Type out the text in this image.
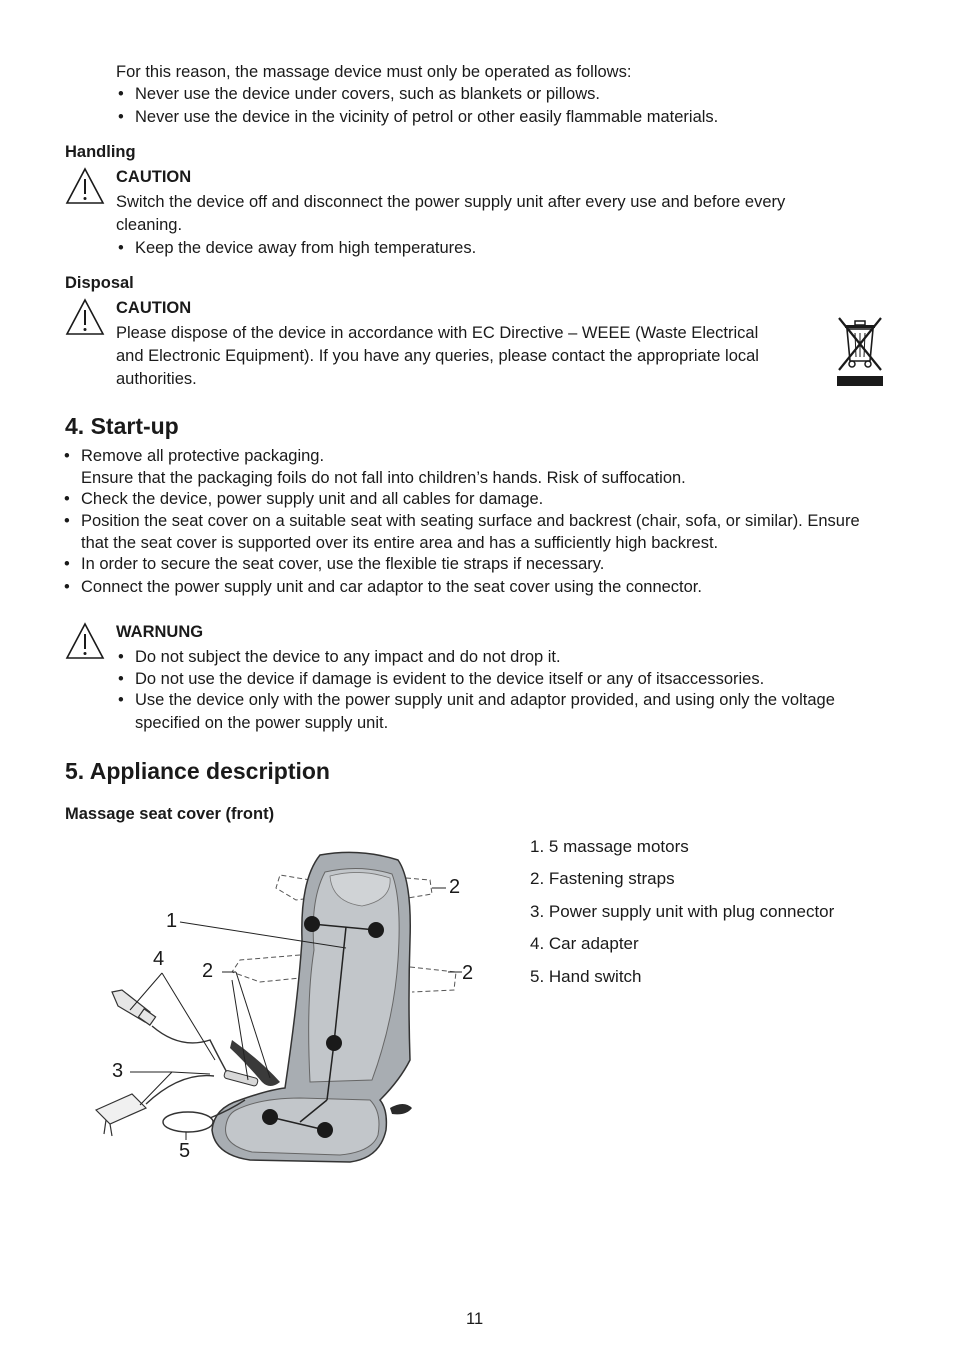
For this reason, the massage device must only be operated as follows:
• Never use the device under covers, such as blankets or pillows.
• Never use the device in the vicinity of petrol or other easily flammable materials.
Handling
CAUTION
Switch the device off and disconnect the power supply unit after every use and before every
cleaning.
• Keep the device away from high temperatures.
Disposal
CAUTION
Please dispose of the device in accordance with EC Directive – WEEE (Waste Electrical
and Electronic Equipment). If you have any queries, please contact the appropriate local
authorities.
4. Start-up
• Remove all protective packaging.
Ensure that the packaging foils do not fall into children’s hands. Risk of suffocation.
• Check the device, power supply unit and all cables for damage.
• Position the seat cover on a suitable seat with seating surface and backrest (chair, sofa, or similar). Ensure
that the seat cover is supported over its entire area and has a sufficiently high backrest.
• In order to secure the seat cover, use the flexible tie straps if necessary.
• Connect the power supply unit and car adaptor to the seat cover using the connector.
WARNUNG
• Do not subject the device to any impact and do not drop it.
• Do not use the device if damage is evident to the device itself or any of itsaccessories.
• Use the device only with the power supply unit and adaptor provided, and using only the voltage
specified on the power supply unit.
5. Appliance description
Massage seat cover (front)
1. 5 massage motors
2. Fastening straps
3. Power supply unit with plug connector
4. Car adapter
5. Hand switch
1
2
2	2
3
4
5
11
